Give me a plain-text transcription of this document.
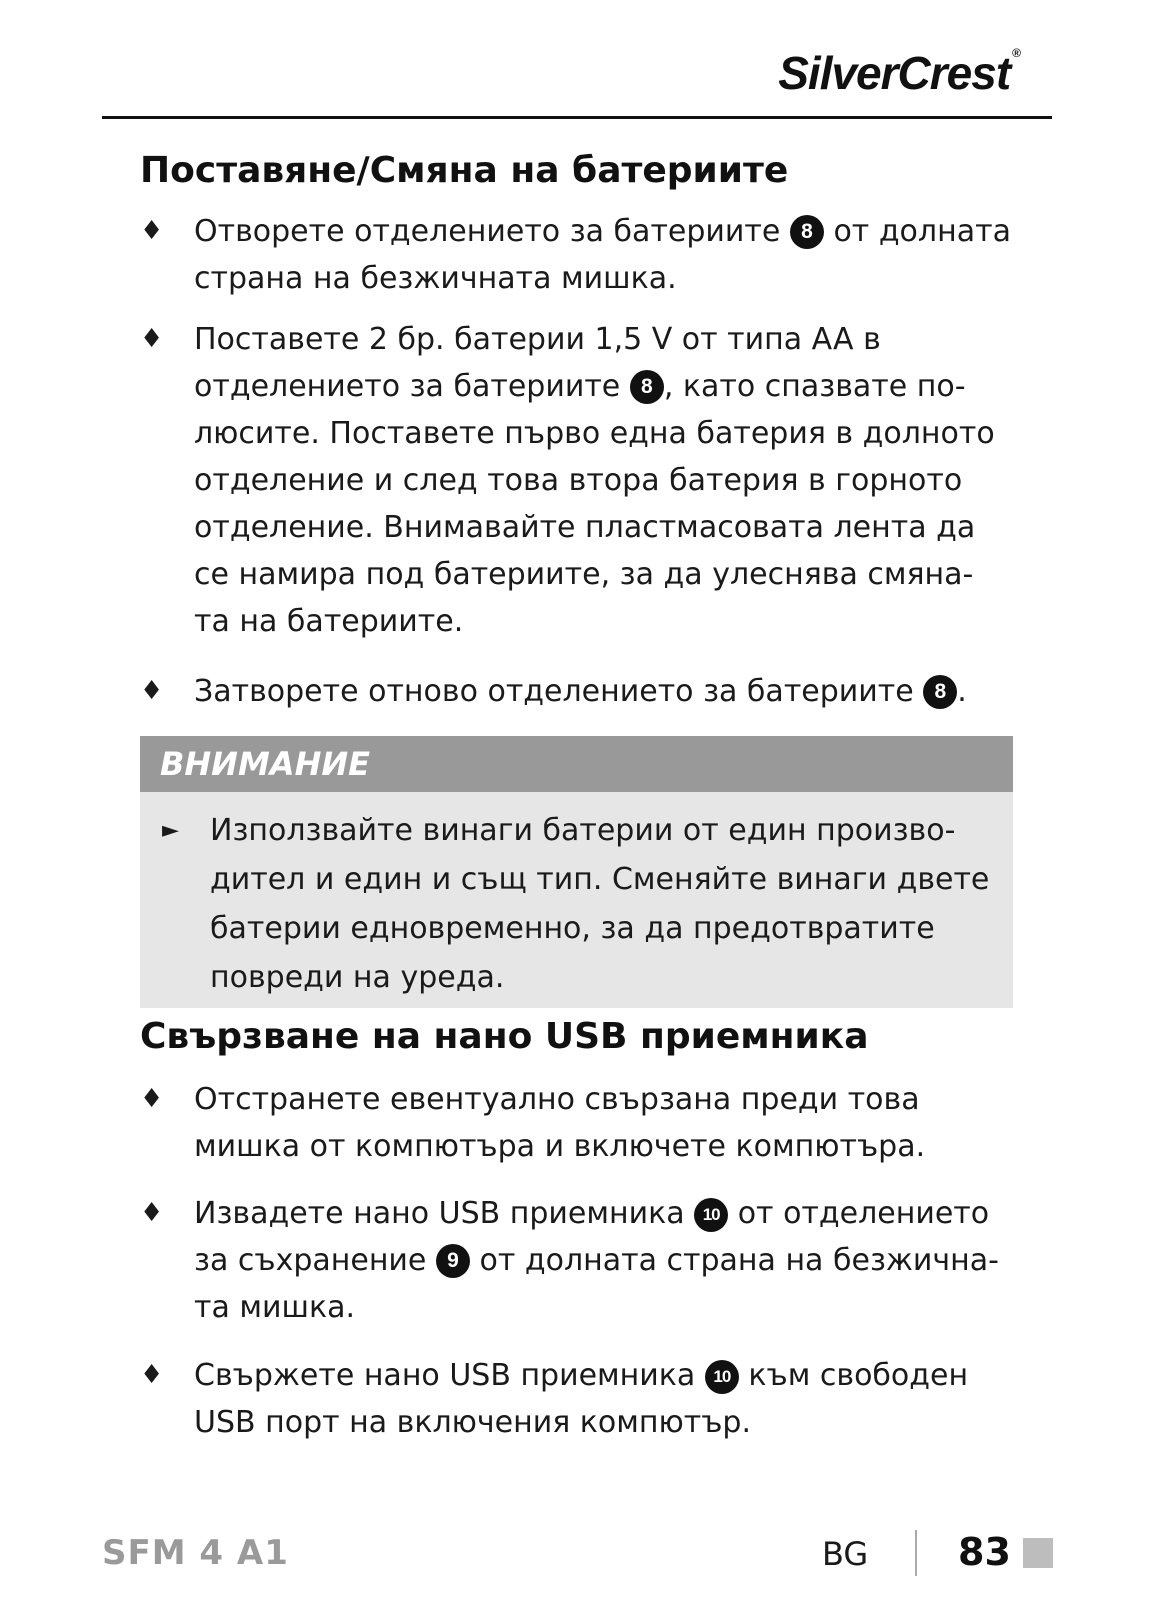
SilverCrest ®
Поставяне/Смяна на батериите
♦ Отворете отделението за батериите 8 от долната
страна на безжичната мишка.
♦ Поставете 2 бр. батерии 1,5 V от типа AA в
отделението за батериите 8 , като спазвате по-
люсите. Поставете първо една батерия в долното
отделение и след това втора батерия в горното
отделение. Внимавайте пластмасовата лента да
се намира под батериите, за да улеснява смяна-
та на батериите.
♦ Затворете отново отделението за батериите 8 .
ВНИМАНИЕ
► Използвайте винаги батерии от един произво-
дител и един и същ тип. Сменяйте винаги двете
батерии едновременно, за да предотвратите
повреди на уреда.
Свързване на нано USB приемника
♦ Отстранете евентуално свързана преди това
мишка от компютъра и включете компютъра.
♦ Извадете нано USB приемника 10 от отделението
за съхранение 9 от долната страна на безжична-
та мишка.
♦ Свържете нано USB приемника 10 към свободен
USB порт на включения компютър.
SFM 4 A1	BG 83
